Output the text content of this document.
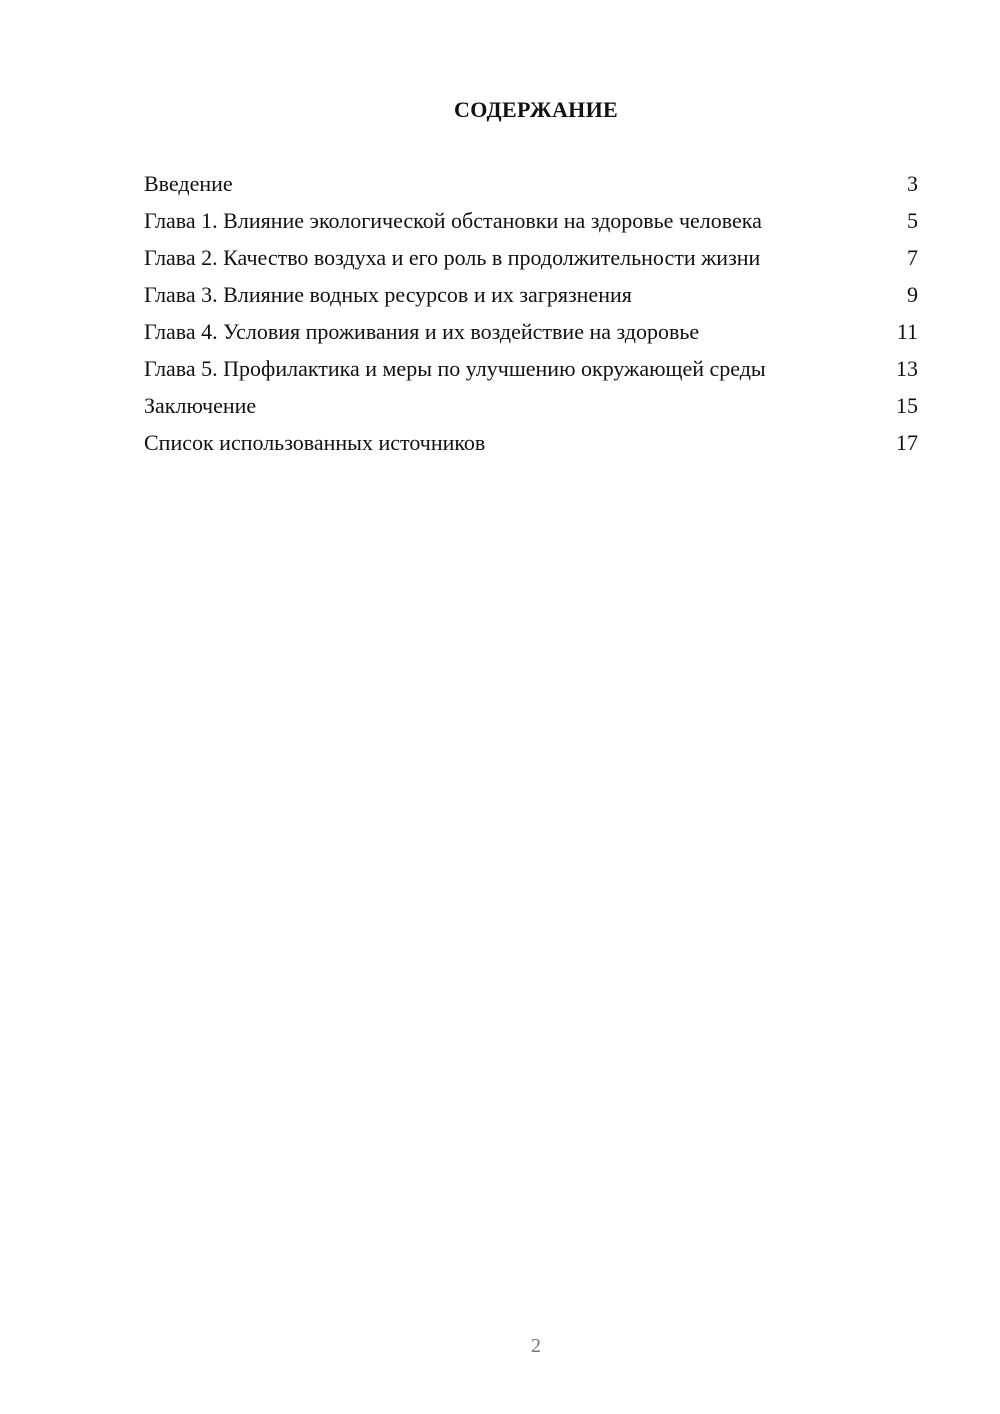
СОДЕРЖАНИЕ
Введение	3
Глава 1. Влияние экологической обстановки на здоровье человека	5
Глава 2. Качество воздуха и его роль в продолжительности жизни	7
Глава 3. Влияние водных ресурсов и их загрязнения	9
Глава 4. Условия проживания и их воздействие на здоровье	11
Глава 5. Профилактика и меры по улучшению окружающей среды	13
Заключение	15
Список использованных источников	17
2
